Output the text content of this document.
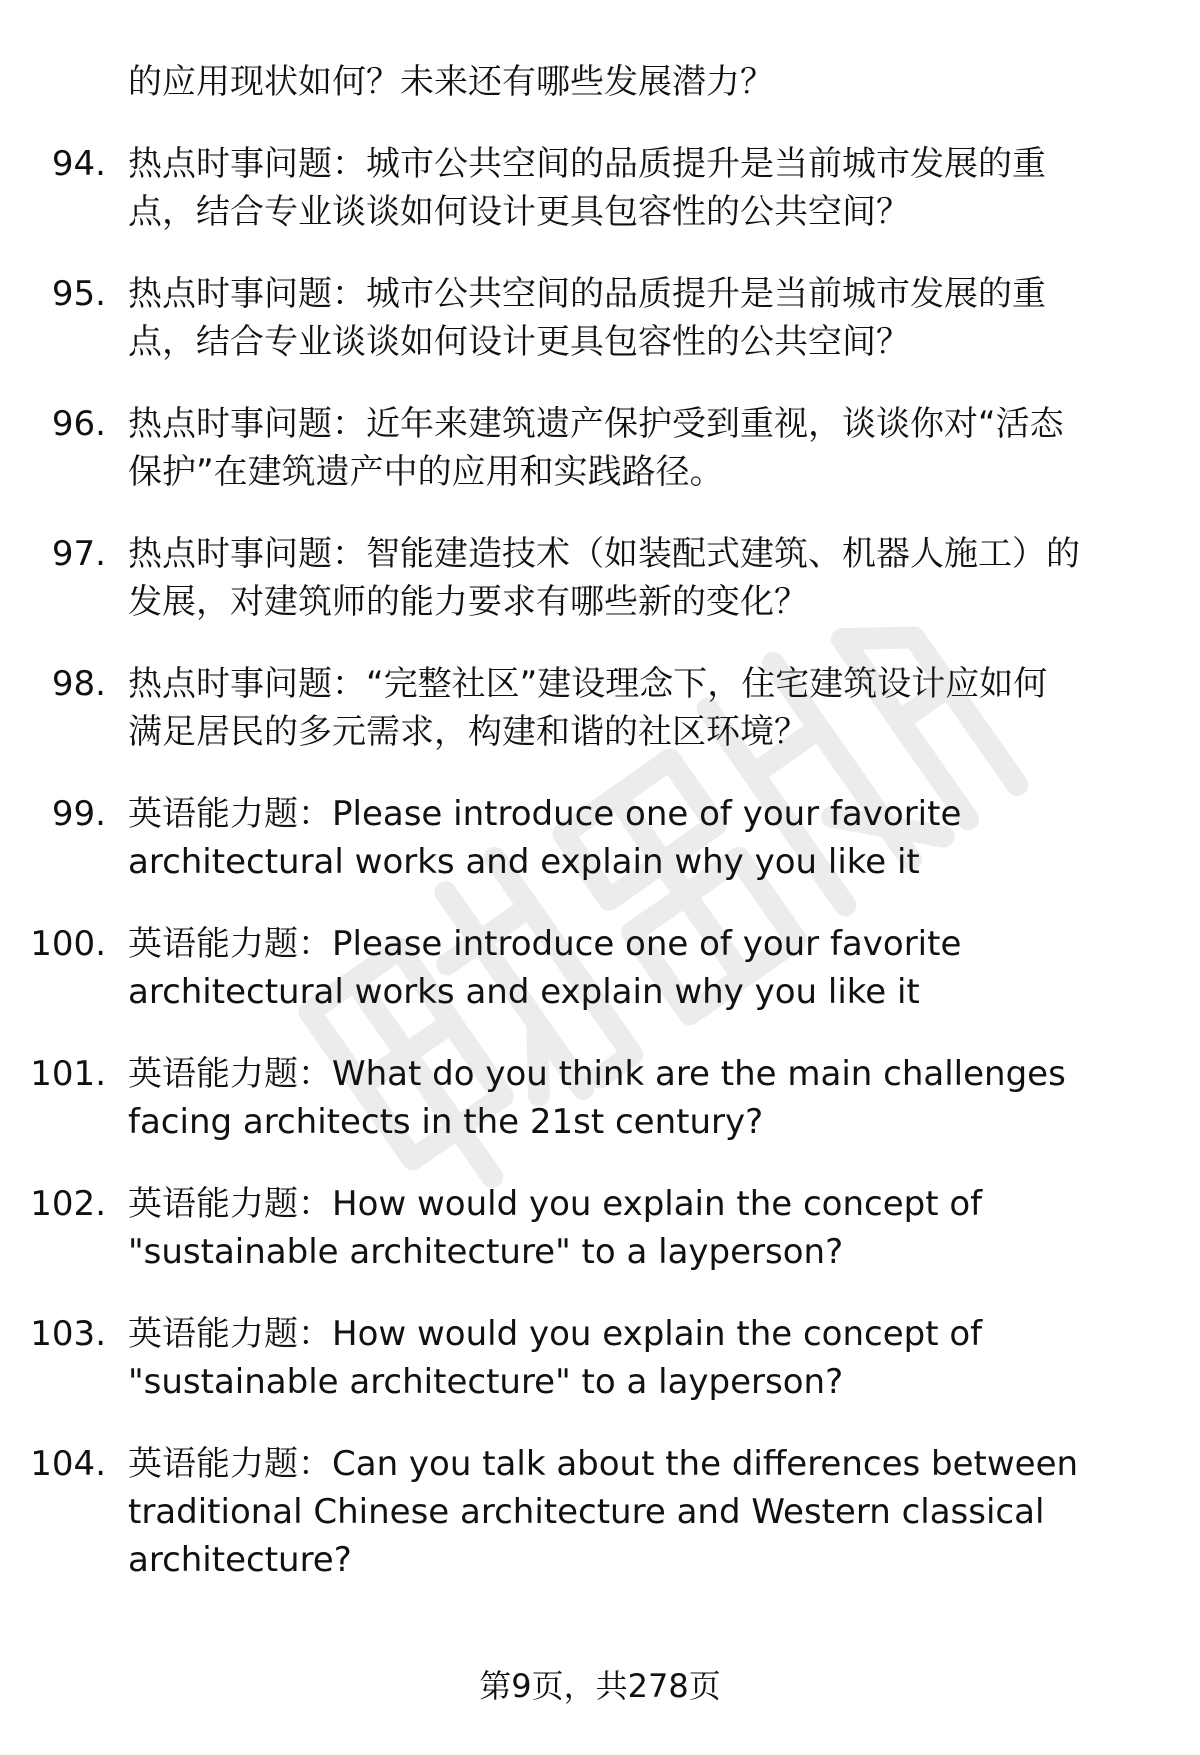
的应用现状如何？未来还有哪些发展潜力？
94. 热点时事问题：城市公共空间的品质提升是当前城市发展的重
点，结合专业谈谈如何设计更具包容性的公共空间？
95. 热点时事问题：城市公共空间的品质提升是当前城市发展的重
点，结合专业谈谈如何设计更具包容性的公共空间？
96. 热点时事问题：近年来建筑遗产保护受到重视，谈谈你对“活态
保护”在建筑遗产中的应用和实践路径。
97. 热点时事问题：智能建造技术（如装配式建筑、机器人施工）的
发展，对建筑师的能力要求有哪些新的变化？
98. 热点时事问题：“完整社区”建设理念下，住宅建筑设计应如何
满足居民的多元需求，构建和谐的社区环境？
99. 英语能力题：Please introduce one of your favorite
architectural works and explain why you like it
100. 英语能力题：Please introduce one of your favorite
architectural works and explain why you like it
101. 英语能力题：What do you think are the main challenges
facing architects in the 21st century?
102. 英语能力题：How would you explain the concept of
"sustainable architecture" to a layperson?
103. 英语能力题：How would you explain the concept of
"sustainable architecture" to a layperson?
104. 英语能力题：Can you talk about the differences between
traditional Chinese architecture and Western classical
architecture?
第9页，共278页
